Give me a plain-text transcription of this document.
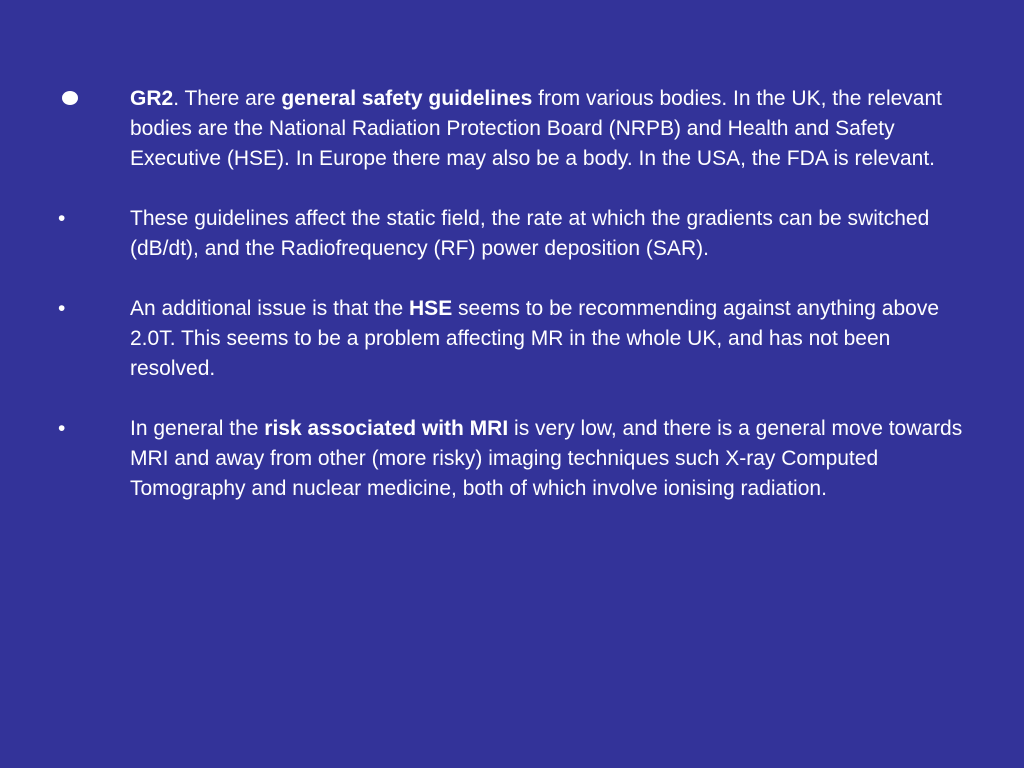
GR2. There are general safety guidelines from various bodies. In the UK, the relevant bodies are the National Radiation Protection Board (NRPB) and Health and Safety Executive (HSE). In Europe there may also be a body. In the USA, the FDA is relevant.
•	These guidelines affect the static field, the rate at which the gradients can be switched (dB/dt), and the Radiofrequency (RF) power deposition (SAR).
•	An additional issue is that the HSE seems to be recommending against anything above 2.0T. This seems to be a problem affecting MR in the whole UK, and has not been resolved.
•	In general the risk associated with MRI is very low, and there is a general move towards MRI and away from other (more risky) imaging techniques such X-ray Computed Tomography and nuclear medicine, both of which involve ionising radiation.
